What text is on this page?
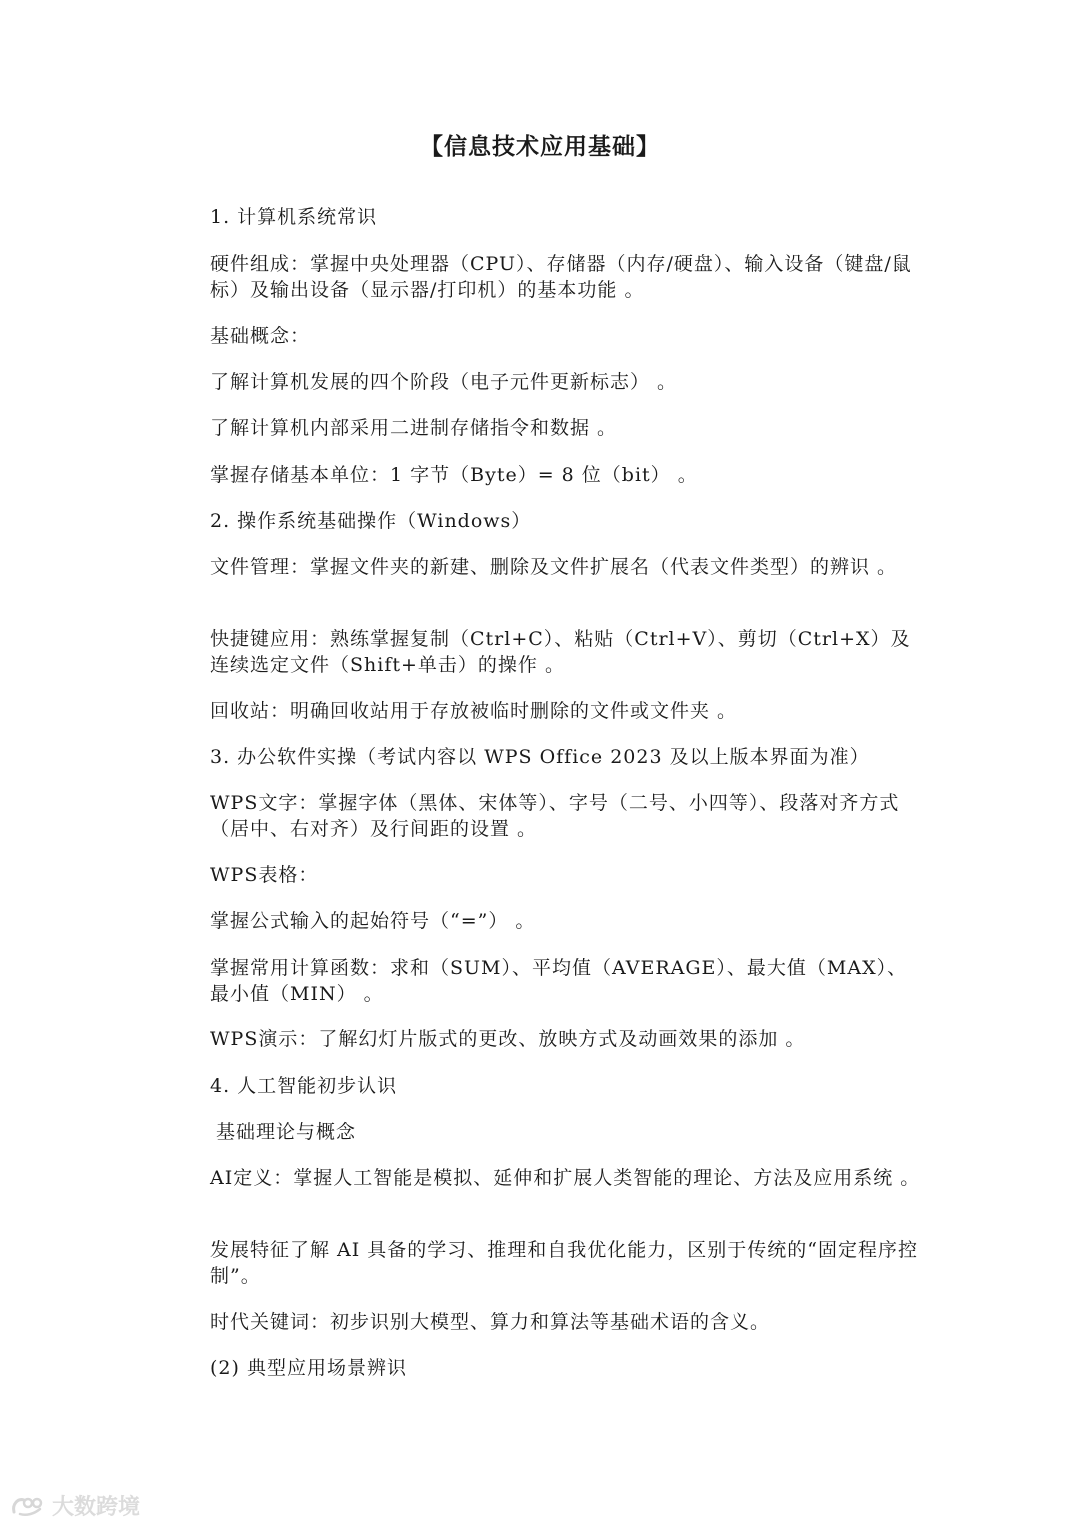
【信息技术应用基础】
1. 计算机系统常识
硬件组成：掌握中央处理器（CPU）、存储器（内存/硬盘）、输入设备（键盘/鼠标）及输出设备（显示器/打印机）的基本功能 。
基础概念：
了解计算机发展的四个阶段（电子元件更新标志） 。
了解计算机内部采用二进制存储指令和数据 。
掌握存储基本单位：1 字节（Byte）= 8 位（bit） 。
2. 操作系统基础操作（Windows）
文件管理：掌握文件夹的新建、删除及文件扩展名（代表文件类型）的辨识 。
快捷键应用：熟练掌握复制（Ctrl+C）、粘贴（Ctrl+V）、剪切（Ctrl+X）及连续选定文件（Shift+单击）的操作 。
回收站：明确回收站用于存放被临时删除的文件或文件夹 。
3. 办公软件实操（考试内容以 WPS Office 2023 及以上版本界面为准）
WPS文字：掌握字体（黑体、宋体等）、字号（二号、小四等）、段落对齐方式（居中、右对齐）及行间距的设置 。
WPS表格：
掌握公式输入的起始符号（“=”） 。
掌握常用计算函数：求和（SUM）、平均值（AVERAGE）、最大值（MAX）、最小值（MIN） 。
WPS演示：了解幻灯片版式的更改、放映方式及动画效果的添加 。
4. 人工智能初步认识
基础理论与概念
AI定义：掌握人工智能是模拟、延伸和扩展人类智能的理论、方法及应用系统 。
发展特征了解 AI 具备的学习、推理和自我优化能力，区别于传统的“固定程序控制”。
时代关键词：初步识别大模型、算力和算法等基础术语的含义。
(2) 典型应用场景辨识
大数跨境
